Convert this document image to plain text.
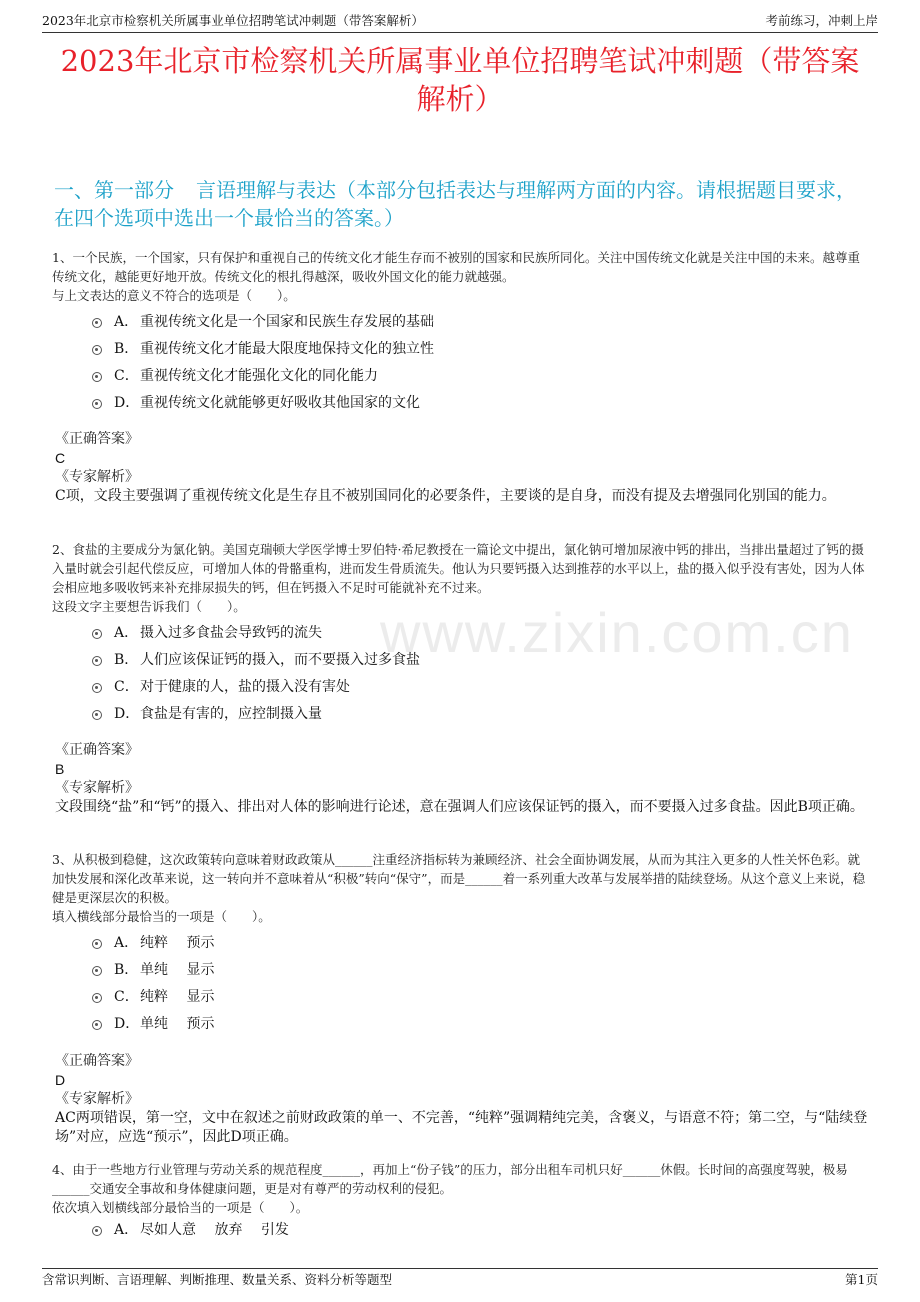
2023年北京市检察机关所属事业单位招聘笔试冲刺题（带答案解析）	考前练习，冲刺上岸
2023年北京市检察机关所属事业单位招聘笔试冲刺题（带答案解析）
一、第一部分 言语理解与表达（本部分包括表达与理解两方面的内容。请根据题目要求，在四个选项中选出一个最恰当的答案。）
www.zixin.com.cn

1、一个民族，一个国家，只有保护和重视自己的传统文化才能生存而不被别的国家和民族所同化。关注中国传统文化就是关注中国的未来。越尊重传统文化，越能更好地开放。传统文化的根扎得越深，吸收外国文化的能力就越强。

与上文表达的意义不符合的选项是（　　）。

A． 重视传统文化是一个国家和民族生存发展的基础
B． 重视传统文化才能最大限度地保持文化的独立性
C．重视传统文化才能强化文化的同化能力
D．重视传统文化就能够更好吸收其他国家的文化

《正确答案》

C

《专家解析》

C项，文段主要强调了重视传统文化是生存且不被别国同化的必要条件，主要谈的是自身，而没有提及去增强同化别国的能力。

2、食盐的主要成分为氯化钠。美国克瑞顿大学医学博士罗伯特·希尼教授在一篇论文中提出，氯化钠可增加尿液中钙的排出，当排出量超过了钙的摄入量时就会引起代偿反应，可增加人体的骨骼重构，进而发生骨质流失。他认为只要钙摄入达到推荐的水平以上，盐的摄入似乎没有害处，因为人体会相应地多吸收钙来补充排尿损失的钙，但在钙摄入不足时可能就补充不过来。

这段文字主要想告诉我们（　　）。

A． 摄入过多食盐会导致钙的流失
B． 人们应该保证钙的摄入，而不要摄入过多食盐
C．对于健康的人，盐的摄入没有害处
D．食盐是有害的，应控制摄入量

《正确答案》

B

《专家解析》

文段围绕“盐”和“钙”的摄入、排出对人体的影响进行论述，意在强调人们应该保证钙的摄入，而不要摄入过多食盐。因此B项正确。

3、从积极到稳健，这次政策转向意味着财政政策从______注重经济指标转为兼顾经济、社会全面协调发展，从而为其注入更多的人性关怀色彩。就加快发展和深化改革来说，这一转向并不意味着从“积极”转向“保守”，而是______着一系列重大改革与发展举措的陆续登场。从这个意义上来说，稳健是更深层次的积极。

填入横线部分最恰当的一项是（　　）。

A． 纯粹　 预示
B． 单纯　 显示
C．纯粹　 显示
D．单纯　 预示

《正确答案》

D

《专家解析》

AC两项错误，第一空，文中在叙述之前财政政策的单一、不完善，“纯粹”强调精纯完美，含褒义，与语意不符；第二空，与“陆续登场”对应，应选“预示”，因此D项正确。

4、由于一些地方行业管理与劳动关系的规范程度______，再加上“份子钱”的压力，部分出租车司机只好______休假。长时间的高强度驾驶，极易______交通安全事故和身体健康问题，更是对有尊严的劳动权利的侵犯。

依次填入划横线部分最恰当的一项是（　　）。

A． 尽如人意　 放弃　 引发
含常识判断、言语理解、判断推理、数量关系、资料分析等题型	第1页
